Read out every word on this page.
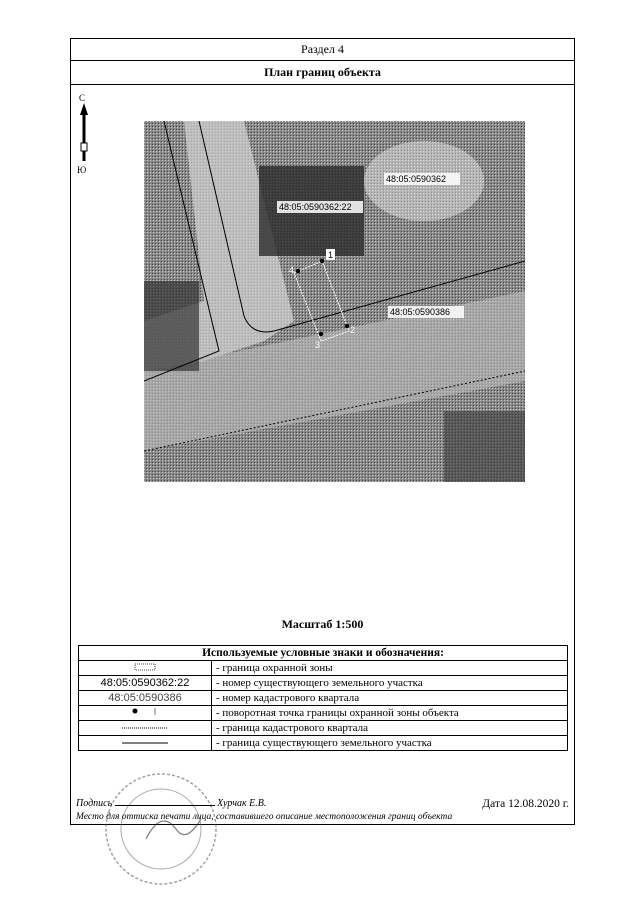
Раздел 4
План границ объекта
С
Ю
1
2
3
4
48:05:0590362:22
48:05:0590362
48:05:0590386
Масштаб 1:500
Используемые условные знаки и обозначения:	
	- граница охранной зоны
48:05:0590362:22	- номер существующего земельного участка
48:05:0590386	- номер кадастрового квартала
	- поворотная точка границы охранной зоны объекта
	- граница кадастрового квартала
	- граница существующего земельного участка
Подпись	Хурчак Е.В.	Дата 12.08.2020 г.
Место для оттиска печати лица, составившего описание местоположения границ объекта
